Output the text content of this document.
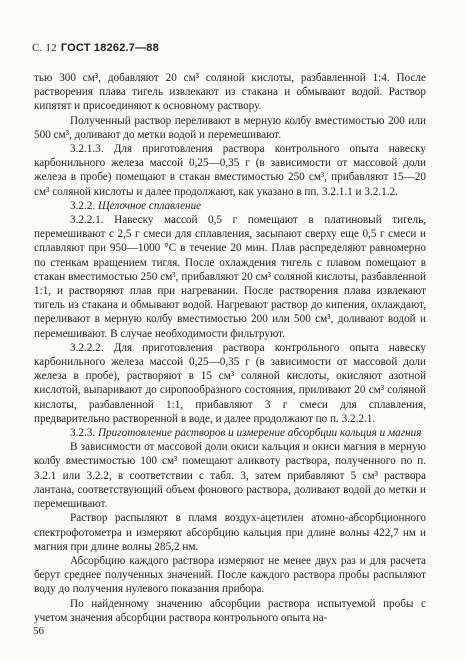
С. 12 ГОСТ 18262.7—88

тью 300 см³, добавляют 20 см³ соляной кислоты, разбавленной 1:4. После растворения плава тигель извлекают из стакана и обмывают водой. Раствор кипятят и присоединяют к основному раствору.

Полученный раствор переливают в мерную колбу вместимостью 200 или 500 см³, доливают до метки водой и перемешивают.

3.2.1.3. Для приготовления раствора контрольного опыта навеску карбонильного железа массой 0,25—0,35 г (в зависимости от массовой доли железа в пробе) помещают в стакан вместимостью 250 см³, прибавляют 15—20 см³ соляной кислоты и далее продолжают, как указано в пп. 3.2.1.1 и 3.2.1.2.

3.2.2. Щелочное сплавление

3.2.2.1. Навеску массой 0,5 г помещают в платиновый тигель, перемешивают с 2,5 г смеси для сплавления, засыпают сверху еще 0,5 г смеси и сплавляют при 950—1000 °С в течение 20 мин. Плав распределяют равномерно по стенкам вращением тигля. После охлаждения тигель с плавом помещают в стакан вместимостью 250 см³, прибавляют 20 см³ соляной кислоты, разбавленной 1:1, и растворяют плав при нагревании. После растворения плава извлекают тигель из стакана и обмывают водой. Нагревают раствор до кипения, охлаждают, переливают в мерную колбу вместимостью 200 или 500 см³, доливают водой и перемешивают. В случае необходимости фильтруют.

3.2.2.2. Для приготовления раствора контрольного опыта навеску карбонильного железа массой 0,25—0,35 г (в зависимости от массовой доли железа в пробе), растворяют в 15 см³ соляной кислоты, окисляют азотной кислотой, выпаривают до сиропообразного состояния, приливают 20 см³ соляной кислоты, разбавленной 1:1, прибавляют 3 г смеси для сплавления, предварительно растворенной в воде, и далее продолжают по п. 3.2.2.1.

3.2.3. Приготовление растворов и измерение абсорбции кальция и магния

В зависимости от массовой доли окиси кальция и окиси магния в мерную колбу вместимостью 100 см³ помещают аликвоту раствора, полученного по п. 3.2.1 или 3.2.2, в соответствии с табл. 3, затем прибавляют 5 см³ раствора лантана, соответствующий объем фонового раствора, доливают водой до метки и перемешивают.

Раствор распыляют в пламя воздух-ацетилен атомно-абсорбционного спектрофотометра и измеряют абсорбцию кальция при длине волны 422,7 нм и магния при длине волны 285,2 нм.

Абсорбцию каждого раствора измеряют не менее двух раз и для расчета берут среднее полученных значений. После каждого раствора пробы распыляют воду до получения нулевого показания прибора.

По найденному значению абсорбции раствора испытуемой пробы с учетом значения абсорбции раствора контрольного опыта на-

56
